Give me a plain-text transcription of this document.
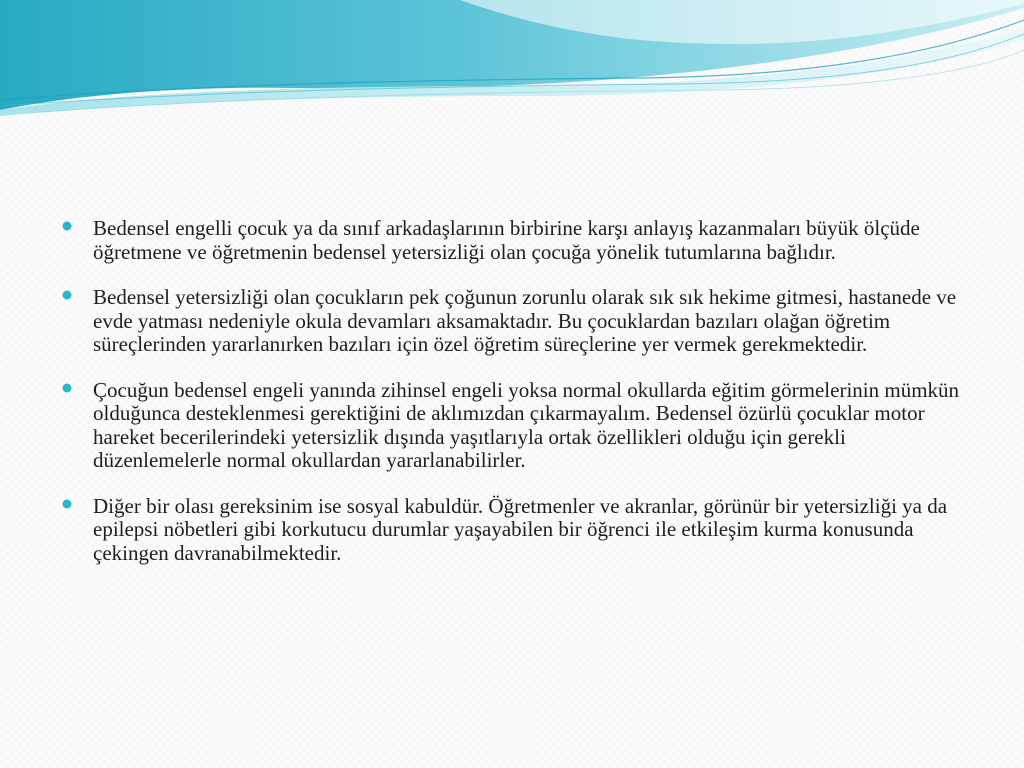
Bedensel engelli çocuk ya da sınıf arkadaşlarının birbirine karşı anlayış kazanmaları büyük ölçüde öğretmene ve öğretmenin bedensel yetersizliği olan çocuğa yönelik tutumlarına bağlıdır.
Bedensel yetersizliği olan çocukların pek çoğunun zorunlu olarak sık sık hekime gitmesi, hastanede ve evde yatması nedeniyle okula devamları aksamaktadır. Bu çocuklardan bazıları olağan öğretim süreçlerinden yararlanırken bazıları için özel öğretim süreçlerine yer vermek gerekmektedir.
Çocuğun bedensel engeli yanında zihinsel engeli yoksa normal okullarda eğitim görmelerinin mümkün olduğunca desteklenmesi gerektiğini de aklımızdan çıkarmayalım. Bedensel özürlü çocuklar motor hareket becerilerindeki yetersizlik dışında yaşıtlarıyla ortak özellikleri olduğu için gerekli düzenlemelerle normal okullardan yararlanabilirler.
Diğer bir olası gereksinim ise sosyal kabuldür. Öğretmenler ve akranlar, görünür bir yetersizliği ya da epilepsi nöbetleri gibi korkutucu durumlar yaşayabilen bir öğrenci ile etkileşim kurma konusunda çekingen davranabilmektedir.
